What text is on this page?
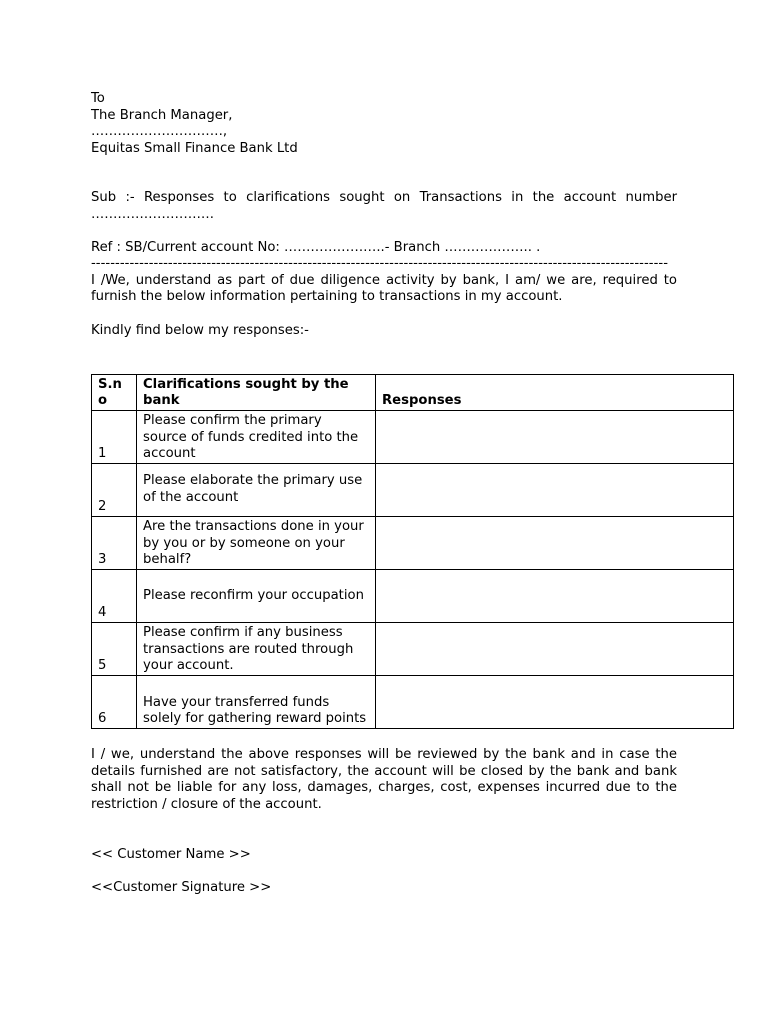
To
The Branch Manager,
…………………………,
Equitas Small Finance Bank Ltd
Sub :- Responses to clarifications sought on Transactions in the account number ……………………….
Ref : SB/Current account No: …………………..- Branch ……………….. .
------------------------------------------------------------------------------------------------------------------------
I /We, understand as part of due diligence activity by bank, I am/ we are, required to furnish the below information pertaining to transactions in my account.
Kindly find below my responses:-
S.no	Clarifications sought by the bank	Responses
1	Please confirm the primary source of funds credited into the account	
2	Please elaborate the primary use of the account	
3	Are the transactions done in your by you or by someone on your behalf?	
4	Please reconfirm your occupation	
5	Please confirm if any business transactions are routed through your account.	
6	Have your transferred funds solely for gathering reward points	
I / we, understand the above responses will be reviewed by the bank and in case the details furnished are not satisfactory, the account will be closed by the bank and bank shall not be liable for any loss, damages, charges, cost, expenses incurred due to the restriction / closure of the account.
<< Customer Name >>
<<Customer Signature >>
